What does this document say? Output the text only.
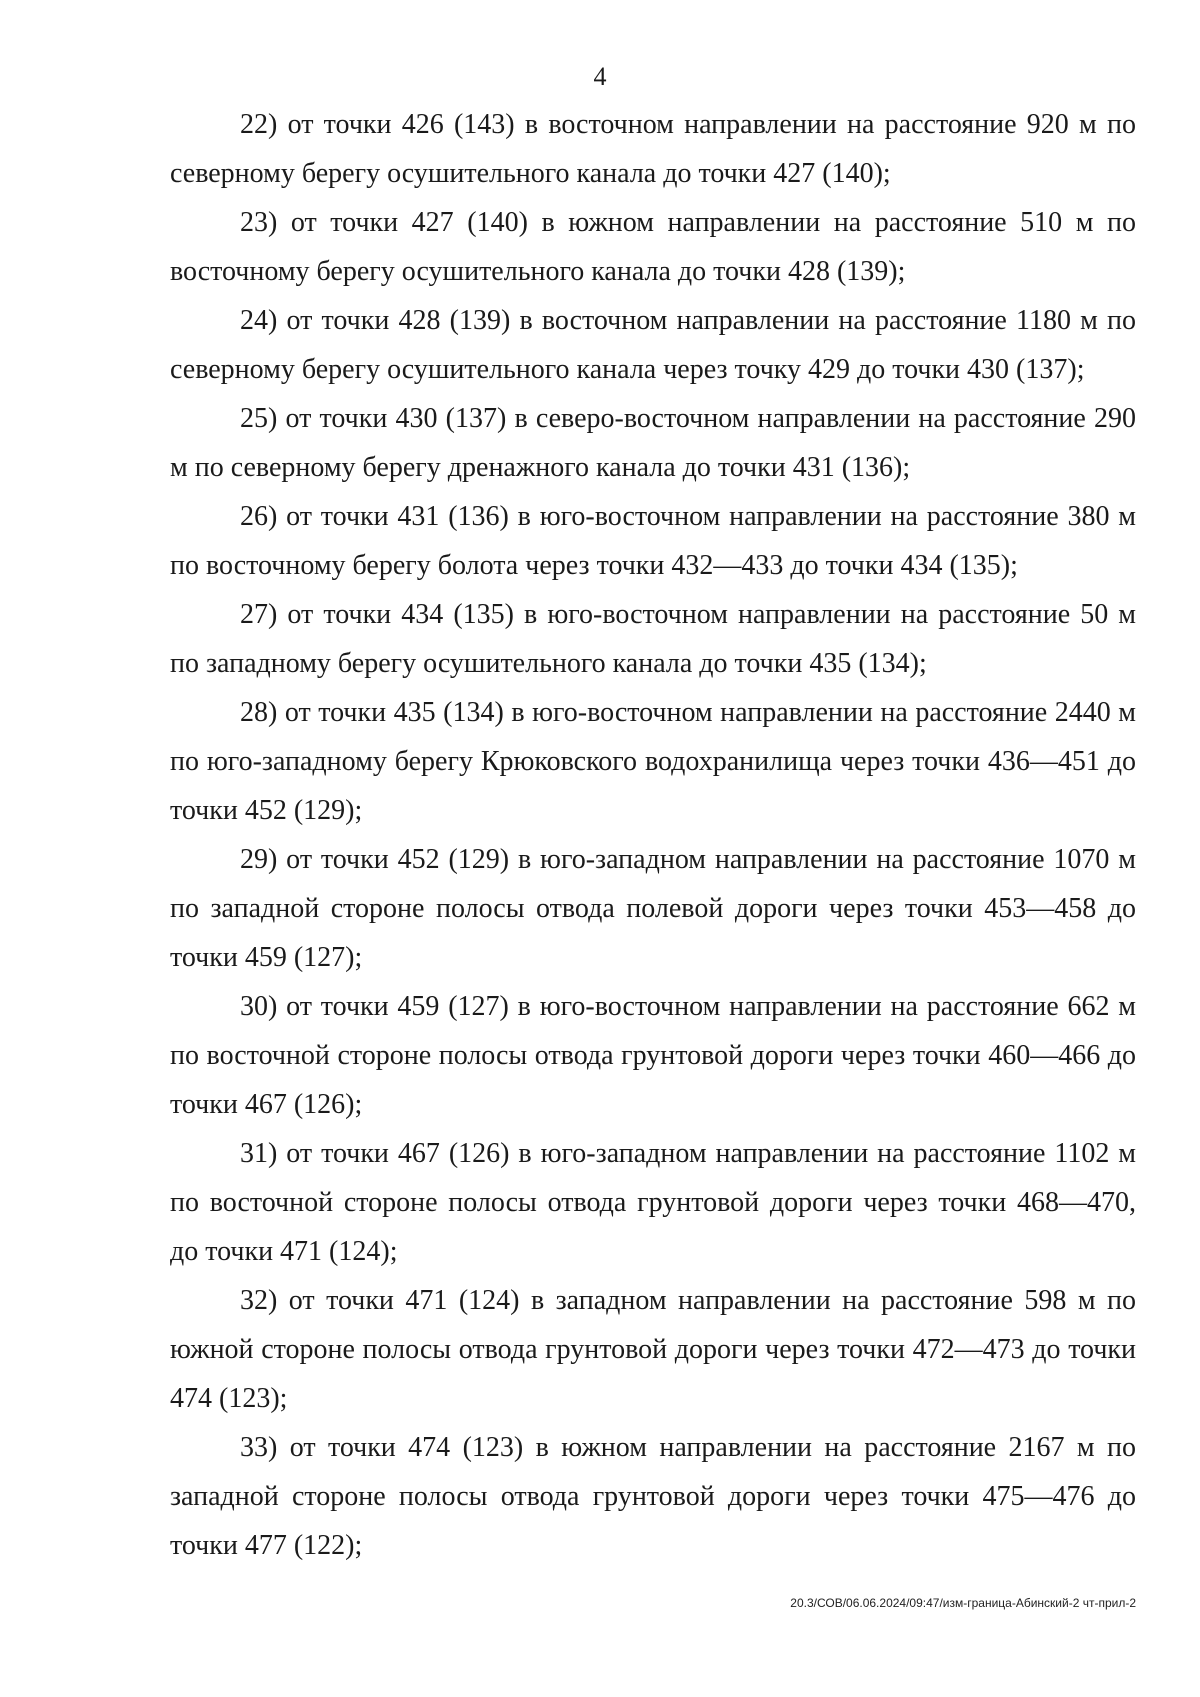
4

22) от точки 426 (143) в восточном направлении на расстояние 920 м по северному берегу осушительного канала до точки 427 (140);

23) от точки 427 (140) в южном направлении на расстояние 510 м по восточному берегу осушительного канала до точки 428 (139);

24) от точки 428 (139) в восточном направлении на расстояние 1180 м по северному берегу осушительного канала через точку 429 до точки 430 (137);

25) от точки 430 (137) в северо-восточном направлении на расстояние 290 м по северному берегу дренажного канала до точки 431 (136);

26) от точки 431 (136) в юго-восточном направлении на расстояние 380 м по восточному берегу болота через точки 432—433 до точки 434 (135);

27) от точки 434 (135) в юго-восточном направлении на расстояние 50 м по западному берегу осушительного канала до точки 435 (134);

28) от точки 435 (134) в юго-восточном направлении на расстояние 2440 м по юго-западному берегу Крюковского водохранилища через точки 436—451 до точки 452 (129);

29) от точки 452 (129) в юго-западном направлении на расстояние 1070 м по западной стороне полосы отвода полевой дороги через точки 453—458 до точки 459 (127);

30) от точки 459 (127) в юго-восточном направлении на расстояние 662 м по восточной стороне полосы отвода грунтовой дороги через точки 460—466 до точки 467 (126);

31) от точки 467 (126) в юго-западном направлении на расстояние 1102 м по восточной стороне полосы отвода грунтовой дороги через точки 468—470, до точки 471 (124);

32) от точки 471 (124) в западном направлении на расстояние 598 м по южной стороне полосы отвода грунтовой дороги через точки 472—473 до точки 474 (123);

33) от точки 474 (123) в южном направлении на расстояние 2167 м по западной стороне полосы отвода грунтовой дороги через точки 475—476 до точки 477 (122);

20.3/СОВ/06.06.2024/09:47/изм-граница-Абинский-2 чт-прил-2
